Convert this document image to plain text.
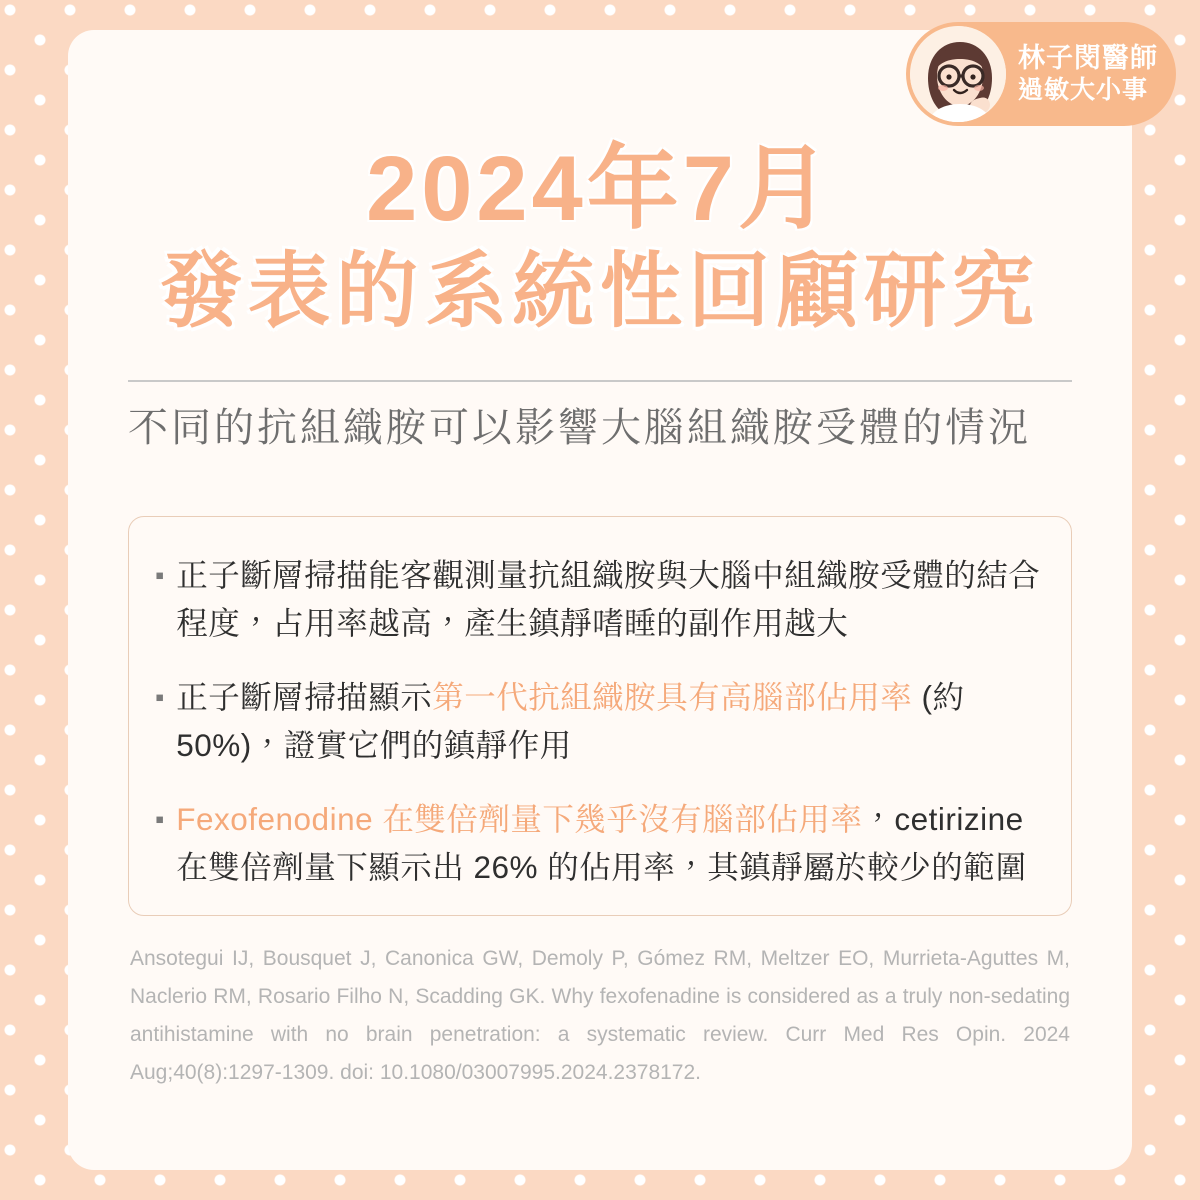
林子閔醫師
過敏大小事
2024年7月
發表的系統性回顧研究
不同的抗組織胺可以影響大腦組織胺受體的情況
▪ 正子斷層掃描能客觀測量抗組織胺與大腦中組織胺受體的結合程度，占用率越高，產生鎮靜嗜睡的副作用越大
▪ 正子斷層掃描顯示第一代抗組織胺具有高腦部佔用率 (約50%)，證實它們的鎮靜作用
▪ Fexofenodine 在雙倍劑量下幾乎沒有腦部佔用率，cetirizine 在雙倍劑量下顯示出 26% 的佔用率，其鎮靜屬於較少的範圍
Ansotegui IJ, Bousquet J, Canonica GW, Demoly P, Gómez RM, Meltzer EO, Murrieta-Aguttes M, Naclerio RM, Rosario Filho N, Scadding GK. Why fexofenadine is considered as a truly non-sedating antihistamine with no brain penetration: a systematic review. Curr Med Res Opin. 2024 Aug;40(8):1297-1309. doi: 10.1080/03007995.2024.2378172.
